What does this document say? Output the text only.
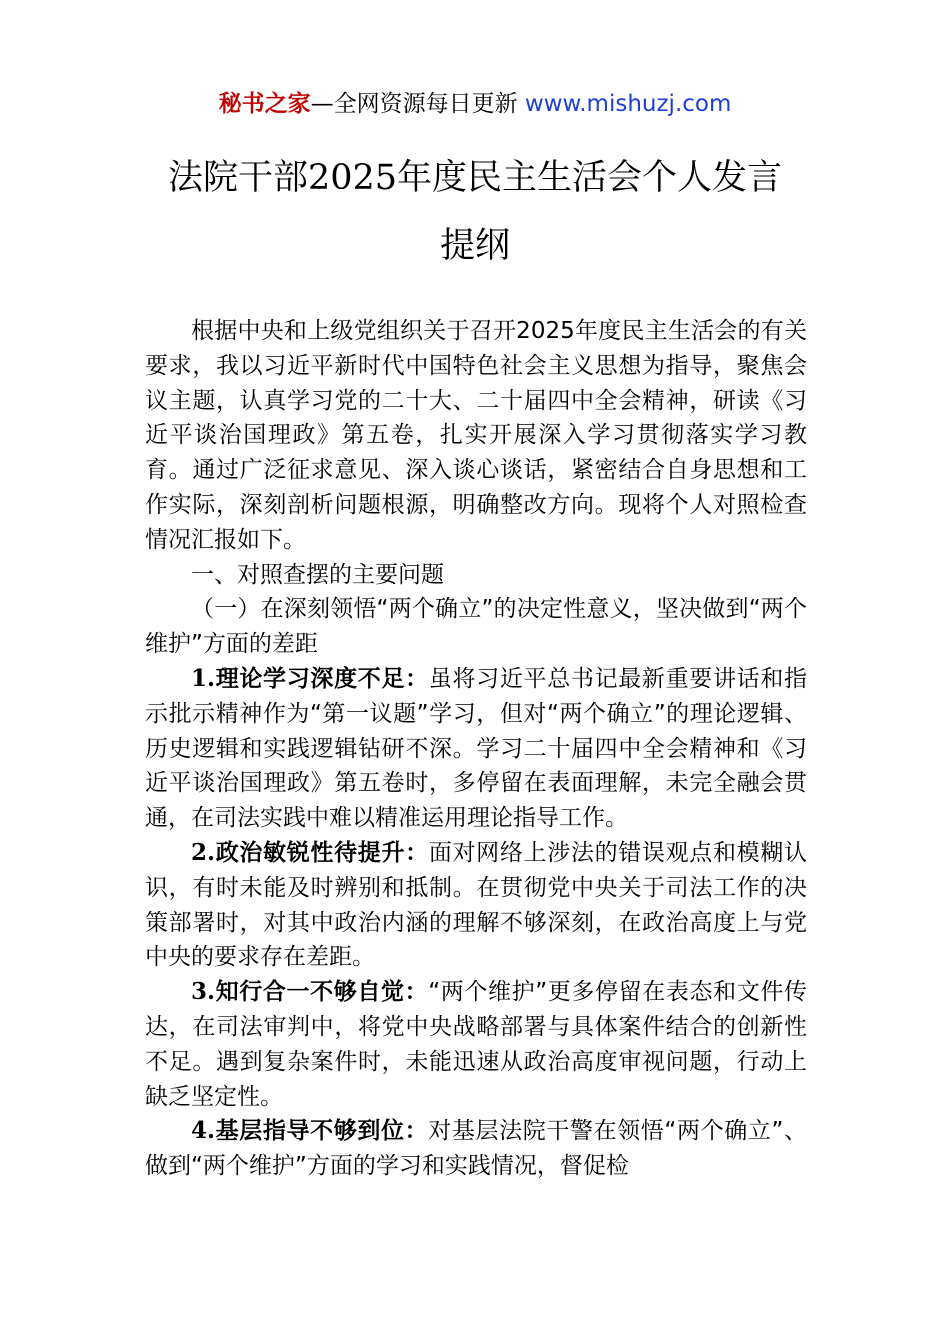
秘书之家—全网资源每日更新 www.mishuzj.com
法院干部2025年度民主生活会个人发言
提纲

根据中央和上级党组织关于召开2025年度民主生活会的有关要求，我以习近平新时代中国特色社会主义思想为指导，聚焦会议主题，认真学习党的二十大、二十届四中全会精神，研读《习近平谈治国理政》第五卷，扎实开展深入学习贯彻落实学习教育。通过广泛征求意见、深入谈心谈话，紧密结合自身思想和工作实际，深刻剖析问题根源，明确整改方向。现将个人对照检查情况汇报如下。

一、对照查摆的主要问题

（一）在深刻领悟“两个确立”的决定性意义，坚决做到“两个维护”方面的差距

1.理论学习深度不足：虽将习近平总书记最新重要讲话和指示批示精神作为“第一议题”学习，但对“两个确立”的理论逻辑、历史逻辑和实践逻辑钻研不深。学习二十届四中全会精神和《习近平谈治国理政》第五卷时，多停留在表面理解，未完全融会贯通，在司法实践中难以精准运用理论指导工作。

2.政治敏锐性待提升：面对网络上涉法的错误观点和模糊认识，有时未能及时辨别和抵制。在贯彻党中央关于司法工作的决策部署时，对其中政治内涵的理解不够深刻，在政治高度上与党中央的要求存在差距。

3.知行合一不够自觉：“两个维护”更多停留在表态和文件传达，在司法审判中，将党中央战略部署与具体案件结合的创新性不足。遇到复杂案件时，未能迅速从政治高度审视问题，行动上缺乏坚定性。

4.基层指导不够到位：对基层法院干警在领悟“两个确立”、做到“两个维护”方面的学习和实践情况，督促检
